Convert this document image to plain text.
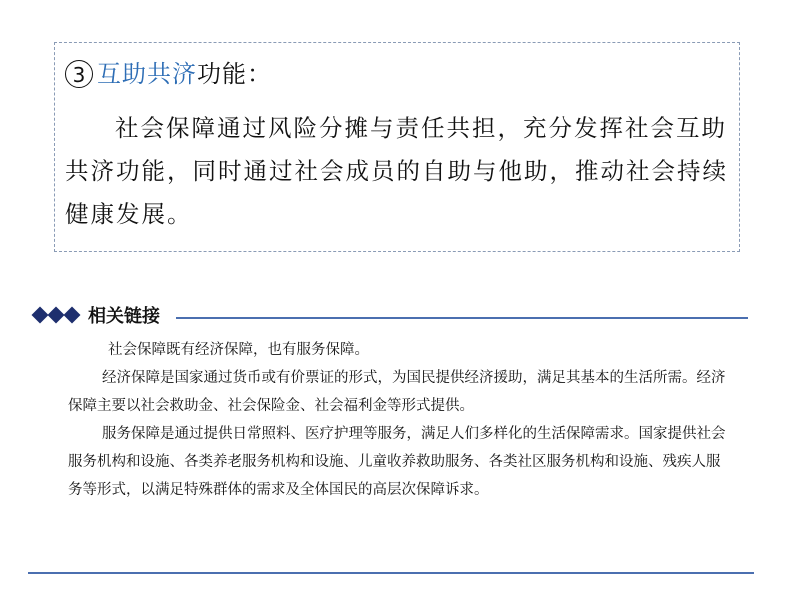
3 互助共济 功能：
社会保障通过风险分摊与责任共担，充分发挥社会互助共济功能，同时通过社会成员的自助与他助，推动社会持续健康发展。
相关链接

社会保障既有经济保障，也有服务保障。

经济保障是国家通过货币或有价票证的形式，为国民提供经济援助，满足其基本的生活所需。经济保障主要以社会救助金、社会保险金、社会福利金等形式提供。

服务保障是通过提供日常照料、医疗护理等服务，满足人们多样化的生活保障需求。国家提供社会服务机构和设施、各类养老服务机构和设施、儿童收养救助服务、各类社区服务机构和设施、残疾人服务等形式，以满足特殊群体的需求及全体国民的高层次保障诉求。
